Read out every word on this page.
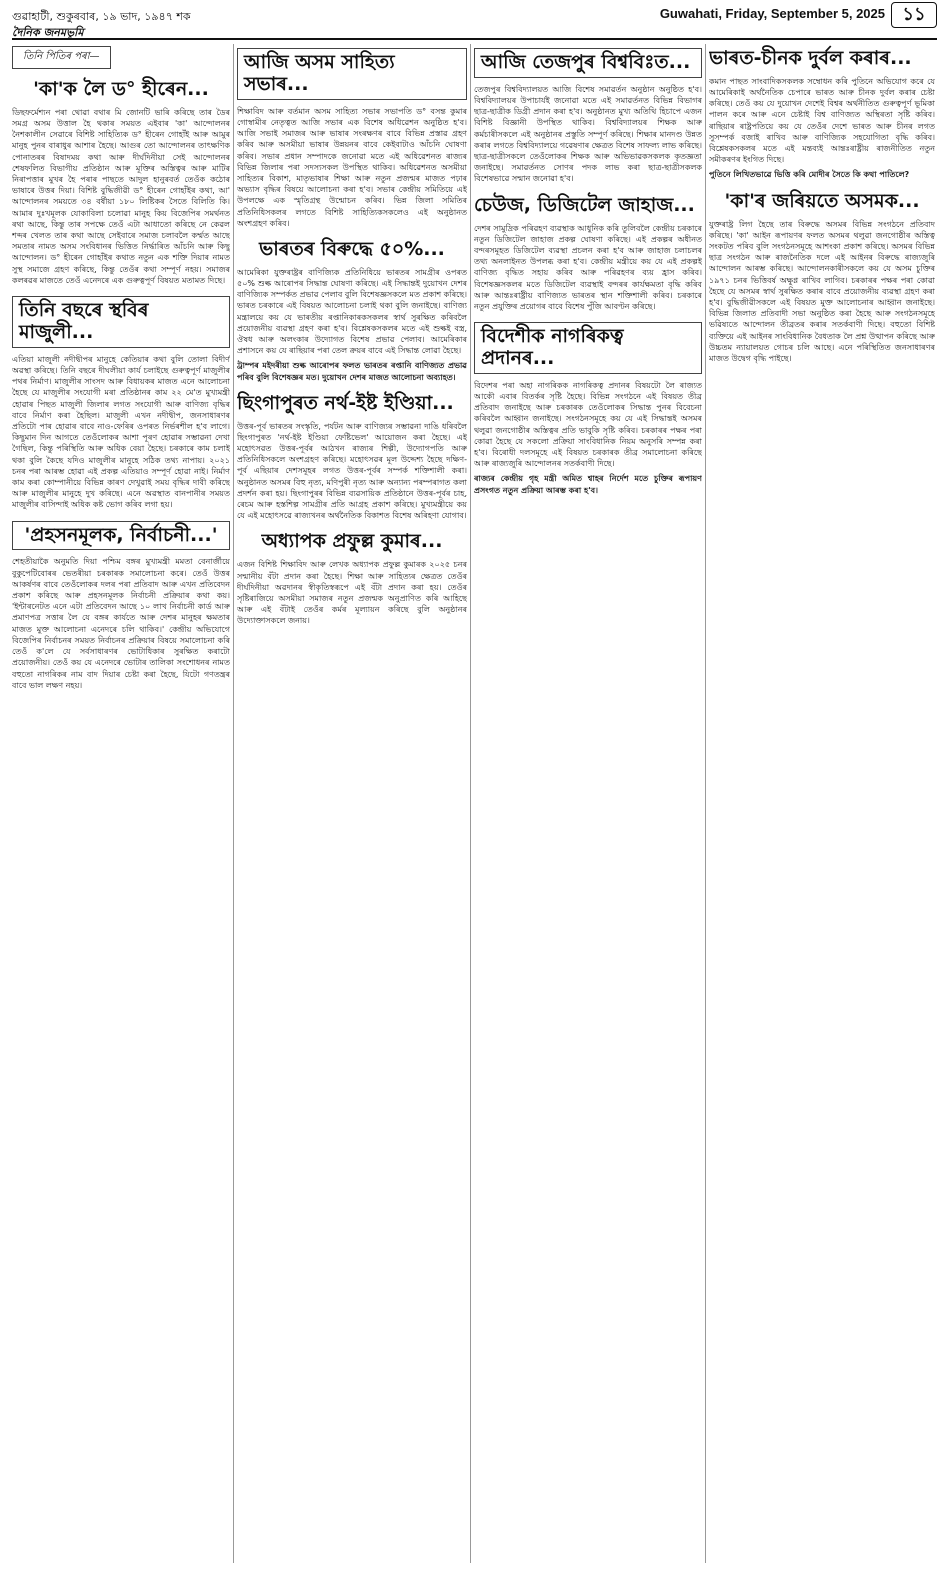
গুৱাহাটী, শুকুৰবাৰ, ১৯ ভাদ, ১৯৪৭ শক	Guwahati, Friday, September 5, 2025 ১১
দৈনিক জনমভূমি
তিনি পিতিৰ পৰা—
'কা'ক লৈ ড° হীৰেন...
ডিছফৰ্মেশ্যন পৰা থোৱা বথাৰ মি জোনটি ভাৰি কৰিছে তাৰ ডৈৰ সমগ্ৰ অসম উত্তাল হৈ থকাৰ সময়ত এইবাৰ 'কা' আন্দোলনৰ নৈশকালীন সেৱাৰে বিশিষ্ট সাহিত্যিক ড° হীৰেন গোহাঁই আৰু আমুৰ মানুহ পুনৰ বাৰাধুৰ আশাৰ হৈছে। আগুৰ তো আন্দোলনৰ তাৎক্ষণিক পোনাতৰৰ বিষাদময় কথা আৰু দীৰ্ঘদিনীয়া সেই আন্দোলনৰ শেষফলিত বিভাগীয় প্ৰতিষ্ঠান আৰু মূক্তিৰ অস্তিত্বৰ আৰু মাটিৰ নিৰাপত্তাৰ মুখৰ হৈ পৰাৰ পাছতে আদুল হানুৰবৰ্ত তেওঁক কঠোৰ ভাষাৰে উত্তৰ দিয়া। বিশিষ্ট বুদ্ধিজীৱী ড° হীৰেন গোহাঁইৰ কথা, আ' আন্দোলনৰ সময়তে ৩৪ বৰ্ষীয়া ১৮০ লিষ্টিকৰ সৈতে বিলিতি কি। আমাৰ দুঃখমূলক যোকাবিলা চলোৱা মানুহ কিয় বিজেপিৰ সমৰ্থনত ৰথা আছে, কিন্তু তাৰ সপক্ষে তেওঁ এটা আধাতো কৰিছে নে কেৱল শব্দৰ খেলত তাৰ কথা আছে সেইবাৰে সমাজ চলাবলৈ কৰ্ম্মত আছে সমতাৰ নামত অসম সংবিধানৰ ভিত্তিত নিৰ্দ্ধাৰিত আঁচনি আৰু কিছু আন্দোলন। ড° হীৰেন গোহাঁইৰ কথাত নতুন এক শক্তি দিয়াৰ নামত সুস্থ সমাজে গ্ৰহণ কৰিছে, কিন্তু তেওঁৰ কথা সম্পূৰ্ণ নহয়। সমাজৰ কলৰৱৰ মাজতে তেওঁ এনেদৰে এক গুৰুত্বপূৰ্ণ বিষয়ত মতামত দিছে।
তিনি বছৰে স্থবিৰ মাজুলী...
এতিয়া মাজুলী নদীদ্বীপৰ মানুহে কেতিয়াৰ কথা বুলি তোলা বিদীৰ্ণ অৱস্থা কৰিছে। তিনি বছৰে দীঘলীয়া কাৰ্য চলাইছে গুৰুত্বপূৰ্ণ মাজুলীৰ পথৰ নিৰ্মাণ। মাজুলীৰ সাংসদ আৰু বিধায়কৰ মাজত এনে আলোচনা হৈছে যে মাজুলীৰ সংযোগী মৰা প্ৰতিষ্ঠানৰ কাম ২২ মে'ত মুখ্যমন্ত্ৰী হোৱাৰ পিছত মাজুলী জিলাৰ লগত সংযোগী আৰু বাণিজ্য বৃদ্ধিৰ বাবে নিৰ্মাণ কৰা হৈছিল। মাজুলী এখন নদীদ্বীপ, জনসাধাৰণৰ প্ৰতিটো পাৰ হোৱাৰ বাবে নাও-ফেৰিৰ ওপৰত নিৰ্ভৰশীল হ'ব লাগে। কিছুমান দিন আগতে তেওঁলোকৰ আশা পূৰণ হোৱাৰ সম্ভাৱনা দেখা গৈছিল, কিন্তু পৰিস্থিতি আৰু অধিক বেয়া হৈছে। চৰকাৰে কাম চলাই থকা বুলি কৈছে যদিও মাজুলীৰ মানুহে সঠিক তথ্য নাপায়। ২০২১ চনৰ পৰা আৰম্ভ হোৱা এই প্ৰকল্প এতিয়াও সম্পূৰ্ণ হোৱা নাই। নিৰ্মাণ কাম কৰা কোম্পানীয়ে বিভিন্ন কাৰণ দেখুৱাই সময় বৃদ্ধিৰ দাবী কৰিছে আৰু মাজুলীৰ মানুহে দুখ কৰিছে। এনে অৱস্থাত বানপানীৰ সময়ত মাজুলীৰ বাসিন্দাই অধিক কষ্ট ভোগ কৰিব লগা হয়।
'প্ৰহসনমূলক, নিৰ্বাচনী...'
শেহতীয়াকৈ অনুমতি দিয়া পশ্চিম বঙ্গৰ মুখ্যমন্ত্ৰী মমতা বেনাৰ্জীয়ে বুকুপেটিবোৰৰ ভেতৰীয়া চৰকাৰক সমালোচনা কৰে। তেওঁ উত্তৰ আকৰ্ষণৰ বাবে তেওঁলোকৰ দলৰ পৰা প্ৰতিবাদ আৰু এখন প্ৰতিবেদন প্ৰকাশ কৰিছে আৰু প্ৰহসনমূলক নিৰ্বাচনী প্ৰক্ৰিয়াৰ কথা কয়। 'ইন্টাৰনেটত এনে এটা প্ৰতিবেদন আছে ১০ লাখ নিৰ্বাচনী কাৰ্ড আৰু প্ৰমাণপত্ৰ সত্তাৰ লৈ যে বঙ্গৰ কাৰ্যতে আৰু দেশৰ মানুহৰ ক্ষমতাৰ মাজত মুক্ত আলোচনা এনেদৰে চলি থাকিব।' কেন্দ্ৰীয় অভিযোগে বিজেপিৰ নিৰ্বাচনৰ সময়ত নিৰ্বাচনৰ প্ৰক্ৰিয়াৰ বিষয়ে সমালোচনা কৰি তেওঁ ক'লে যে সৰ্বসাধাৰণৰ ভোটাধিকাৰ সুৰক্ষিত কৰাটো প্ৰয়োজনীয়। তেওঁ কয় যে এনেদৰে ভোটাৰ তালিকা সংশোধনৰ নামত বহুতো নাগৰিকৰ নাম বাদ দিয়াৰ চেষ্টা কৰা হৈছে, যিটো গণতন্ত্ৰৰ বাবে ভাল লক্ষণ নহয়।
আজি অসম সাহিত্য সভাৰ...
শিক্ষাবিদ আৰু বৰ্তমান অসম সাহিত্য সভাৰ সভাপতি ড° বসন্ত কুমাৰ গোস্বামীৰ নেতৃত্বত আজি সভাৰ এক বিশেষ অধিৱেশন অনুষ্ঠিত হ'ব। আজি সভাই সমাজৰ আৰু ভাষাৰ সংৰক্ষণৰ বাবে বিভিন্ন প্ৰস্তাৱ গ্ৰহণ কৰিব আৰু অসমীয়া ভাষাৰ উন্নয়নৰ বাবে কেইবাটাও আঁচনি ঘোষণা কৰিব। সভাৰ প্ৰধান সম্পাদকে জনোৱা মতে এই অধিৱেশনত ৰাজ্যৰ বিভিন্ন জিলাৰ পৰা সদস্যসকল উপস্থিত থাকিব। অধিৱেশনত অসমীয়া সাহিত্যৰ বিকাশ, মাতৃভাষাৰ শিক্ষা আৰু নতুন প্ৰজন্মৰ মাজত পঢ়াৰ অভ্যাস বৃদ্ধিৰ বিষয়ে আলোচনা কৰা হ'ব। সভাৰ কেন্দ্ৰীয় সমিতিয়ে এই উপলক্ষে এক স্মৃতিগ্ৰন্থ উন্মোচন কৰিব। ভিন্ন জিলা সমিতিৰ প্ৰতিনিধিসকলৰ লগতে বিশিষ্ট সাহিত্যিকসকলেও এই অনুষ্ঠানত অংশগ্ৰহণ কৰিব।
ভাৰতৰ বিৰুদ্ধে ৫০%...
আমেৰিকা যুক্তৰাষ্ট্ৰৰ বাণিজ্যিক প্ৰতিনিধিয়ে ভাৰতৰ সামগ্ৰীৰ ওপৰত ৫০% শুল্ক আৰোপৰ সিদ্ধান্ত ঘোষণা কৰিছে। এই সিদ্ধান্তই দুয়োখন দেশৰ বাণিজ্যিক সম্পৰ্কত প্ৰভাৱ পেলাব বুলি বিশেষজ্ঞসকলে মত প্ৰকাশ কৰিছে। ভাৰত চৰকাৰে এই বিষয়ত আলোচনা চলাই থকা বুলি জনাইছে। বাণিজ্য মন্ত্ৰালয়ে কয় যে ভাৰতীয় ৰপ্তানিকাৰকসকলৰ স্বাৰ্থ সুৰক্ষিত কৰিবলৈ প্ৰয়োজনীয় ব্যৱস্থা গ্ৰহণ কৰা হ'ব। বিশ্লেষকসকলৰ মতে এই শুল্কই বস্ত্ৰ, ঔষধ আৰু অলংকাৰ উদ্যোগত বিশেষ প্ৰভাৱ পেলাব। আমেৰিকাৰ প্ৰশাসনে কয় যে ৰাছিয়াৰ পৰা তেল ক্ৰয়ৰ বাবে এই সিদ্ধান্ত লোৱা হৈছে।
ট্ৰাম্পৰ মইদৰীয়া শুল্ক আৰোপৰ ফলত ভাৰতৰ ৰপ্তানি বাণিজ্যত প্ৰভাৱ পৰিব বুলি বিশেষজ্ঞৰ মত। দুয়োখন দেশৰ মাজত আলোচনা অব্যাহত।
ছিংগাপুৰত নৰ্থ-ইষ্ট ইণ্ডিয়া...
উত্তৰ-পূৰ্ব ভাৰতৰ সংস্কৃতি, পৰ্যটন আৰু বাণিজ্যৰ সম্ভাৱনা দাঙি ধৰিবলৈ ছিংগাপুৰত 'নৰ্থ-ইষ্ট ইণ্ডিয়া ফেষ্টিভেল' আয়োজন কৰা হৈছে। এই মহোৎসৱত উত্তৰ-পূৰ্বৰ আঠখন ৰাজ্যৰ শিল্পী, উদ্যোগপতি আৰু প্ৰতিনিধিসকলে অংশগ্ৰহণ কৰিছে। মহোৎসৱৰ মূল উদ্দেশ্য হৈছে দক্ষিণ-পূৰ্ব এছিয়াৰ দেশসমূহৰ লগত উত্তৰ-পূৰ্বৰ সম্পৰ্ক শক্তিশালী কৰা। অনুষ্ঠানত অসমৰ বিহু নৃত্য, মণিপুৰী নৃত্য আৰু অন্যান্য পৰম্পৰাগত কলা প্ৰদৰ্শন কৰা হয়। ছিংগাপুৰৰ বিভিন্ন ব্যৱসায়িক প্ৰতিষ্ঠানে উত্তৰ-পূৰ্বৰ চাহ, ৰেচম আৰু হস্তশিল্প সামগ্ৰীৰ প্ৰতি আগ্ৰহ প্ৰকাশ কৰিছে। মুখ্যমন্ত্ৰীয়ে কয় যে এই মহোৎসৱে ৰাজ্যখনৰ অৰ্থনৈতিক বিকাশত বিশেষ অৰিহণা যোগাব।
অধ্যাপক প্ৰফুল্ল কুমাৰ...
এজন বিশিষ্ট শিক্ষাবিদ আৰু লেখক অধ্যাপক প্ৰফুল্ল কুমাৰক ২০২৫ চনৰ সন্মানীয় বঁটা প্ৰদান কৰা হৈছে। শিক্ষা আৰু সাহিত্যৰ ক্ষেত্ৰত তেওঁৰ দীৰ্ঘদিনীয়া অৱদানৰ স্বীকৃতিস্বৰূপে এই বঁটা প্ৰদান কৰা হয়। তেওঁৰ সৃষ্টিৰাজিয়ে অসমীয়া সমাজৰ নতুন প্ৰজন্মক অনুপ্ৰাণিত কৰি আহিছে আৰু এই বঁটাই তেওঁৰ কৰ্মৰ মূল্যায়ন কৰিছে বুলি অনুষ্ঠানৰ উদ্যোক্তাসকলে জনায়।
আজি তেজপুৰ বিশ্ববিঃত...
তেজপুৰ বিশ্ববিদ্যালয়ত আজি বিশেষ সমাৱৰ্তন অনুষ্ঠান অনুষ্ঠিত হ'ব। বিশ্ববিদ্যালয়ৰ উপাচাৰ্যই জনোৱা মতে এই সমাৱৰ্তনত বিভিন্ন বিভাগৰ ছাত্ৰ-ছাত্ৰীক ডিগ্ৰী প্ৰদান কৰা হ'ব। অনুষ্ঠানত মুখ্য অতিথি হিচাপে এজন বিশিষ্ট বিজ্ঞানী উপস্থিত থাকিব। বিশ্ববিদ্যালয়ৰ শিক্ষক আৰু কৰ্মচাৰীসকলে এই অনুষ্ঠানৰ প্ৰস্তুতি সম্পূৰ্ণ কৰিছে। শিক্ষাৰ মানদণ্ড উন্নত কৰাৰ লগতে বিশ্ববিদ্যালয়ে গৱেষণাৰ ক্ষেত্ৰত বিশেষ সাফল্য লাভ কৰিছে। ছাত্ৰ-ছাত্ৰীসকলে তেওঁলোকৰ শিক্ষক আৰু অভিভাৱকসকলক কৃতজ্ঞতা জনাইছে। সমাৱৰ্তনত সোণৰ পদক লাভ কৰা ছাত্ৰ-ছাত্ৰীসকলক বিশেষভাৱে সন্মান জনোৱা হ'ব।
চেউজ, ডিজিটেল জাহাজ...
দেশৰ সামুদ্ৰিক পৰিৱহণ ব্যৱস্থাক আধুনিক কৰি তুলিবলৈ কেন্দ্ৰীয় চৰকাৰে নতুন ডিজিটেল জাহাজ প্ৰকল্প ঘোষণা কৰিছে। এই প্ৰকল্পৰ অধীনত বন্দৰসমূহত ডিজিটেল ব্যৱস্থা প্ৰচলন কৰা হ'ব আৰু জাহাজ চলাচলৰ তথ্য অনলাইনত উপলব্ধ কৰা হ'ব। কেন্দ্ৰীয় মন্ত্ৰীয়ে কয় যে এই প্ৰকল্পই বাণিজ্য বৃদ্ধিত সহায় কৰিব আৰু পৰিৱহণৰ ব্যয় হ্ৰাস কৰিব। বিশেষজ্ঞসকলৰ মতে ডিজিটেল ব্যৱস্থাই বন্দৰৰ কাৰ্যক্ষমতা বৃদ্ধি কৰিব আৰু আন্তঃৰাষ্ট্ৰীয় বাণিজ্যত ভাৰতৰ স্থান শক্তিশালী কৰিব। চৰকাৰে নতুন প্ৰযুক্তিৰ প্ৰয়োগৰ বাবে বিশেষ পুঁজি আবণ্টন কৰিছে।
বিদেশীক নাগৰিকত্ব প্ৰদানৰ...
বিদেশৰ পৰা অহা নাগৰিকক নাগৰিকত্ব প্ৰদানৰ বিষয়টো লৈ ৰাজ্যত আকৌ এবাৰ বিতৰ্কৰ সৃষ্টি হৈছে। বিভিন্ন সংগঠনে এই বিষয়ত তীব্ৰ প্ৰতিবাদ জনাইছে আৰু চৰকাৰক তেওঁলোকৰ সিদ্ধান্ত পুনৰ বিবেচনা কৰিবলৈ আহ্বান জনাইছে। সংগঠনসমূহে কয় যে এই সিদ্ধান্তই অসমৰ থলুৱা জনগোষ্ঠীৰ অস্তিত্বৰ প্ৰতি ভাবুকি সৃষ্টি কৰিব। চৰকাৰৰ পক্ষৰ পৰা কোৱা হৈছে যে সকলো প্ৰক্ৰিয়া সাংবিধানিক নিয়ম অনুসৰি সম্পন্ন কৰা হ'ব। বিৰোধী দলসমূহে এই বিষয়ত চৰকাৰক তীব্ৰ সমালোচনা কৰিছে আৰু ৰাজ্যজুৰি আন্দোলনৰ সতৰ্কবাণী দিছে।
ৰাজ্যৰ কেন্দ্ৰীয় গৃহ মন্ত্ৰী অমিত শ্বাহৰ নিৰ্দেশ মতে চুক্তিৰ ৰূপায়ণ প্ৰসংগত নতুন প্ৰক্ৰিয়া আৰম্ভ কৰা হ'ব।
ভাৰত-চীনক দুৰ্বল কৰাৰ...
কমান পাছত সাংবাদিকসকলক সম্বোধন কৰি পুতিনে অভিযোগ কৰে যে আমেৰিকাই অৰ্থনৈতিক চেপাৰে ভাৰত আৰু চীনক দুৰ্বল কৰাৰ চেষ্টা কৰিছে। তেওঁ কয় যে দুয়োখন দেশেই বিশ্বৰ অৰ্থনীতিত গুৰুত্বপূৰ্ণ ভূমিকা পালন কৰে আৰু এনে চেষ্টাই বিশ্ব বাণিজ্যত অস্থিৰতা সৃষ্টি কৰিব। ৰাছিয়াৰ ৰাষ্ট্ৰপতিয়ে কয় যে তেওঁৰ দেশে ভাৰত আৰু চীনৰ লগত সুসম্পৰ্ক বজাই ৰাখিব আৰু বাণিজ্যিক সহযোগিতা বৃদ্ধি কৰিব। বিশ্লেষকসকলৰ মতে এই মন্তব্যই আন্তঃৰাষ্ট্ৰীয় ৰাজনীতিত নতুন সমীকৰণৰ ইংগিত দিছে।
পুতিনে লিখিতভাৱে ভিত্তি কৰি মোদীৰ সৈতে কি কথা পাতিলে?
'কা'ৰ জৰিয়তে অসমক...
যুক্তৰাষ্ট্ৰ লিগ হৈছে তাৰ বিৰুদ্ধে অসমৰ বিভিন্ন সংগঠনে প্ৰতিবাদ কৰিছে। 'কা' আইন ৰূপায়ণৰ ফলত অসমৰ থলুৱা জনগোষ্ঠীৰ অস্তিত্ব সংকটত পৰিব বুলি সংগঠনসমূহে আশংকা প্ৰকাশ কৰিছে। অসমৰ বিভিন্ন ছাত্ৰ সংগঠন আৰু ৰাজনৈতিক দলে এই আইনৰ বিৰুদ্ধে ৰাজ্যজুৰি আন্দোলন আৰম্ভ কৰিছে। আন্দোলনকাৰীসকলে কয় যে অসম চুক্তিৰ ১৯৭১ চনৰ ভিত্তিবৰ্ষ অক্ষুণ্ণ ৰাখিব লাগিব। চৰকাৰৰ পক্ষৰ পৰা কোৱা হৈছে যে অসমৰ স্বাৰ্থ সুৰক্ষিত কৰাৰ বাবে প্ৰয়োজনীয় ব্যৱস্থা গ্ৰহণ কৰা হ'ব। বুদ্ধিজীৱীসকলে এই বিষয়ত মুক্ত আলোচনাৰ আহ্বান জনাইছে। বিভিন্ন জিলাত প্ৰতিবাদী সভা অনুষ্ঠিত কৰা হৈছে আৰু সংগঠনসমূহে ভৱিষ্যতে আন্দোলন তীব্ৰতৰ কৰাৰ সতৰ্কবাণী দিছে। বহুতো বিশিষ্ট ব্যক্তিয়ে এই আইনৰ সাংবিধানিক বৈধতাক লৈ প্ৰশ্ন উত্থাপন কৰিছে আৰু উচ্চতম ন্যায়ালয়ত গোচৰ চলি আছে। এনে পৰিস্থিতিত জনসাধাৰণৰ মাজত উদ্বেগ বৃদ্ধি পাইছে।
